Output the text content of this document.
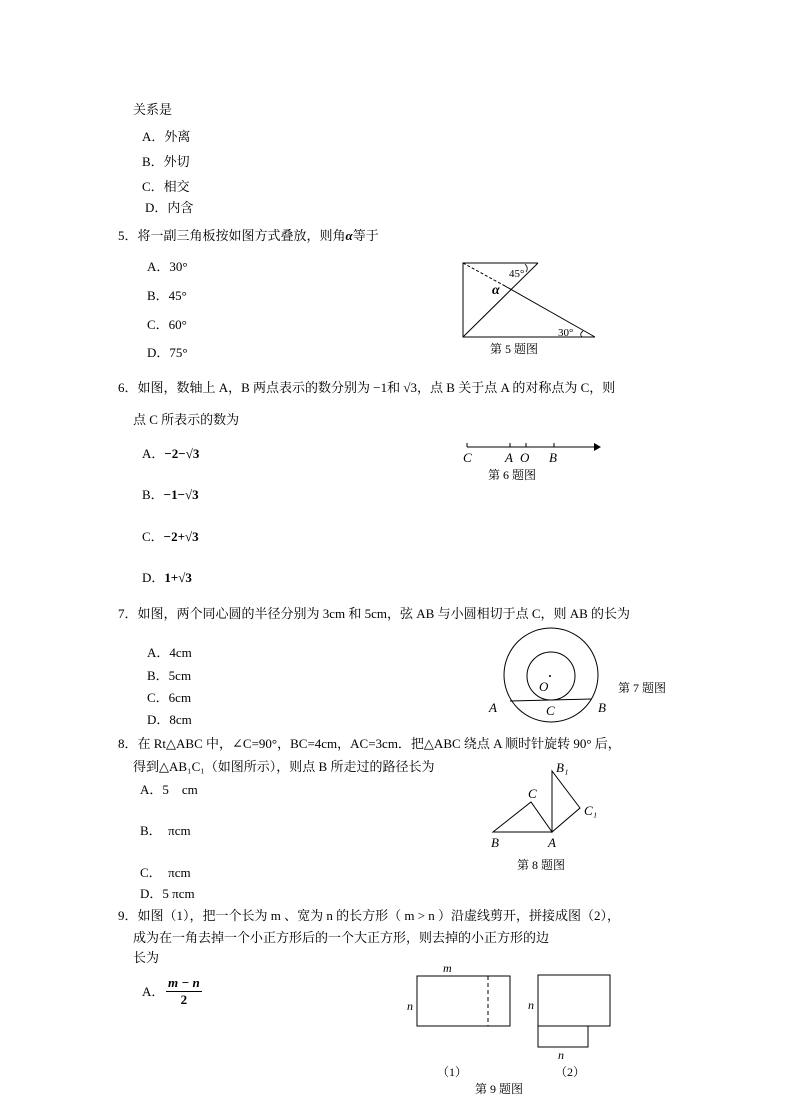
关系是
A．外离
B．外切
C．相交
D．内含
5．将一副三角板按如图方式叠放，则角α等于
A．30°
B．45°
C．60°
D．75°
45°
α
30°
第 5 题图
6．如图，数轴上 A，B 两点表示的数分别为 −1和 √3，点 B 关于点 A 的对称点为 C，则
点 C 所表示的数为
A．−2−√3
B．−1−√3
C．−2+√3
D．1+√3
C	A O B
第 6 题图
7．如图，两个同心圆的半径分别为 3cm 和 5cm，弦 AB 与小圆相切于点 C，则 AB 的长为
A．4cm
B．5cm
C．6cm
D．8cm
O
A	C	B
第 7 题图
8．在 Rt△ABC 中，∠C=90°，BC=4cm，AC=3cm．把△ABC 绕点 A 顺时针旋转 90° 后，
得到△AB₁C₁（如图所示），则点 B 所走过的路径长为
A．5　cm
B．　πcm
C．　πcm
D．5 πcm
B	A
C
B₁
C₁
第 8 题图
9．如图（1），把一个长为 m 、宽为 n 的长方形（ m > n ）沿虚线剪开，拼接成图（2），
成为在一角去掉一个小正方形后的一个大正方形，则去掉的小正方形的边
长为
A． $\frac{m - n}{2}$
m
n	n
n
（1）	（2）
第 9 题图
